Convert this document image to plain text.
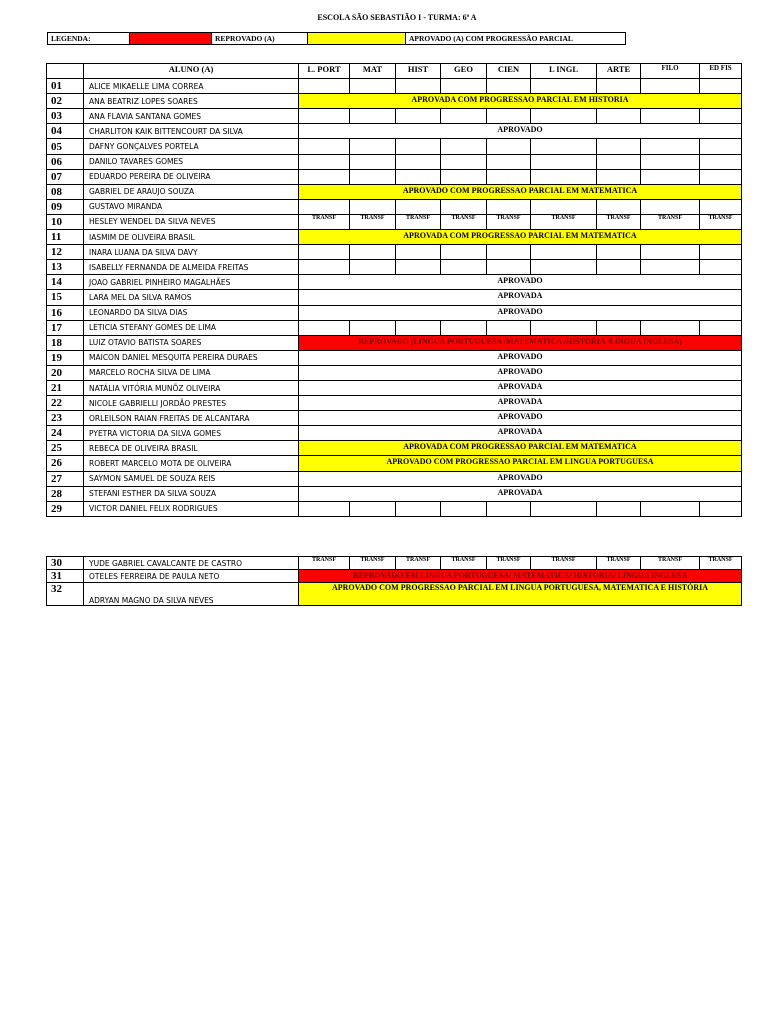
ESCOLA SÃO SEBASTIÃO I - TURMA: 6º A
LEGENDA:		REPROVADO (A)		APROVADO (A) COM PROGRESSÃO PARCIAL
	ALUNO (A)	L. PORT	MAT	HIST	GEO	CIEN	L INGL	ARTE	FILO	ED FIS
01	ALICE MIKAELLE LIMA CORREA									
02	ANA BEATRIZ LOPES SOARES	APROVADA COM PROGRESSAO PARCIAL EM HISTORIA								
03	ANA FLAVIA SANTANA GOMES									
04	CHARLITON KAIK BITTENCOURT DA SILVA	APROVADO								
05	DAFNY GONÇALVES PORTELA									
06	DANILO TAVARES GOMES									
07	EDUARDO PEREIRA DE OLIVEIRA									
08	GABRIEL DE ARAUJO SOUZA	APROVADO COM PROGRESSAO PARCIAL EM MATEMATICA								
09	GUSTAVO MIRANDA									
10	HESLEY WENDEL DA SILVA NEVES	TRANSF	TRANSF	TRANSF	TRANSF	TRANSF	TRANSF	TRANSF	TRANSF	TRANSF
11	IASMIM DE OLIVEIRA BRASIL	APROVADA COM PROGRESSAO PARCIAL EM MATEMATICA								
12	INARA LUANA DA SILVA DAVY									
13	ISABELLY FERNANDA DE ALMEIDA FREITAS									
14	JOAO GABRIEL PINHEIRO MAGALHÃES	APROVADO								
15	LARA MEL DA SILVA RAMOS	APROVADA								
16	LEONARDO DA SILVA DIAS	APROVADO								
17	LETICIA STEFANY GOMES DE LIMA									
18	LUIZ OTAVIO BATISTA SOARES	REPROVADO (LINGUA PORTUGUESA /MATEMATICA /HISTORIA /LINGUA INGLESA)								
19	MAICON DANIEL MESQUITA PEREIRA DURAES	APROVADO								
20	MARCELO ROCHA SILVA DE LIMA	APROVADO								
21	NATÁLIA VITÓRIA MUNÕZ OLIVEIRA	APROVADA								
22	NICOLE GABRIELLI JORDÃO PRESTES	APROVADA								
23	ORLEILSON RAIAN FREITAS DE ALCANTARA	APROVADO								
24	PYETRA VICTORIA DA SILVA GOMES	APROVADA								
25	REBECA DE OLIVEIRA BRASIL	APROVADA COM PROGRESSAO PARCIAL EM MATEMATICA								
26	ROBERT MARCELO MOTA DE OLIVEIRA	APROVADO COM PROGRESSAO PARCIAL EM LINGUA PORTUGUESA								
27	SAYMON SAMUEL DE SOUZA REIS	APROVADO								
28	STEFANI ESTHER DA SILVA SOUZA	APROVADA								
29	VICTOR DANIEL FELIX RODRIGUES									
30	YUDE GABRIEL CAVALCANTE DE CASTRO	TRANSF	TRANSF	TRANSF	TRANSF	TRANSF	TRANSF	TRANSF	TRANSF	TRANSF
31	OTELES FERREIRA DE PAULA NETO	REPROVADO EM LINGUA PORTUGUESA/ MATEMATICA/ HISTORIA/ LINGUA INGLESA								
32	ADRYAN MAGNO DA SILVA NEVES	APROVADO COM PROGRESSAO PARCIAL EM LINGUA PORTUGUESA, MATEMATICA E HISTÓRIA								
